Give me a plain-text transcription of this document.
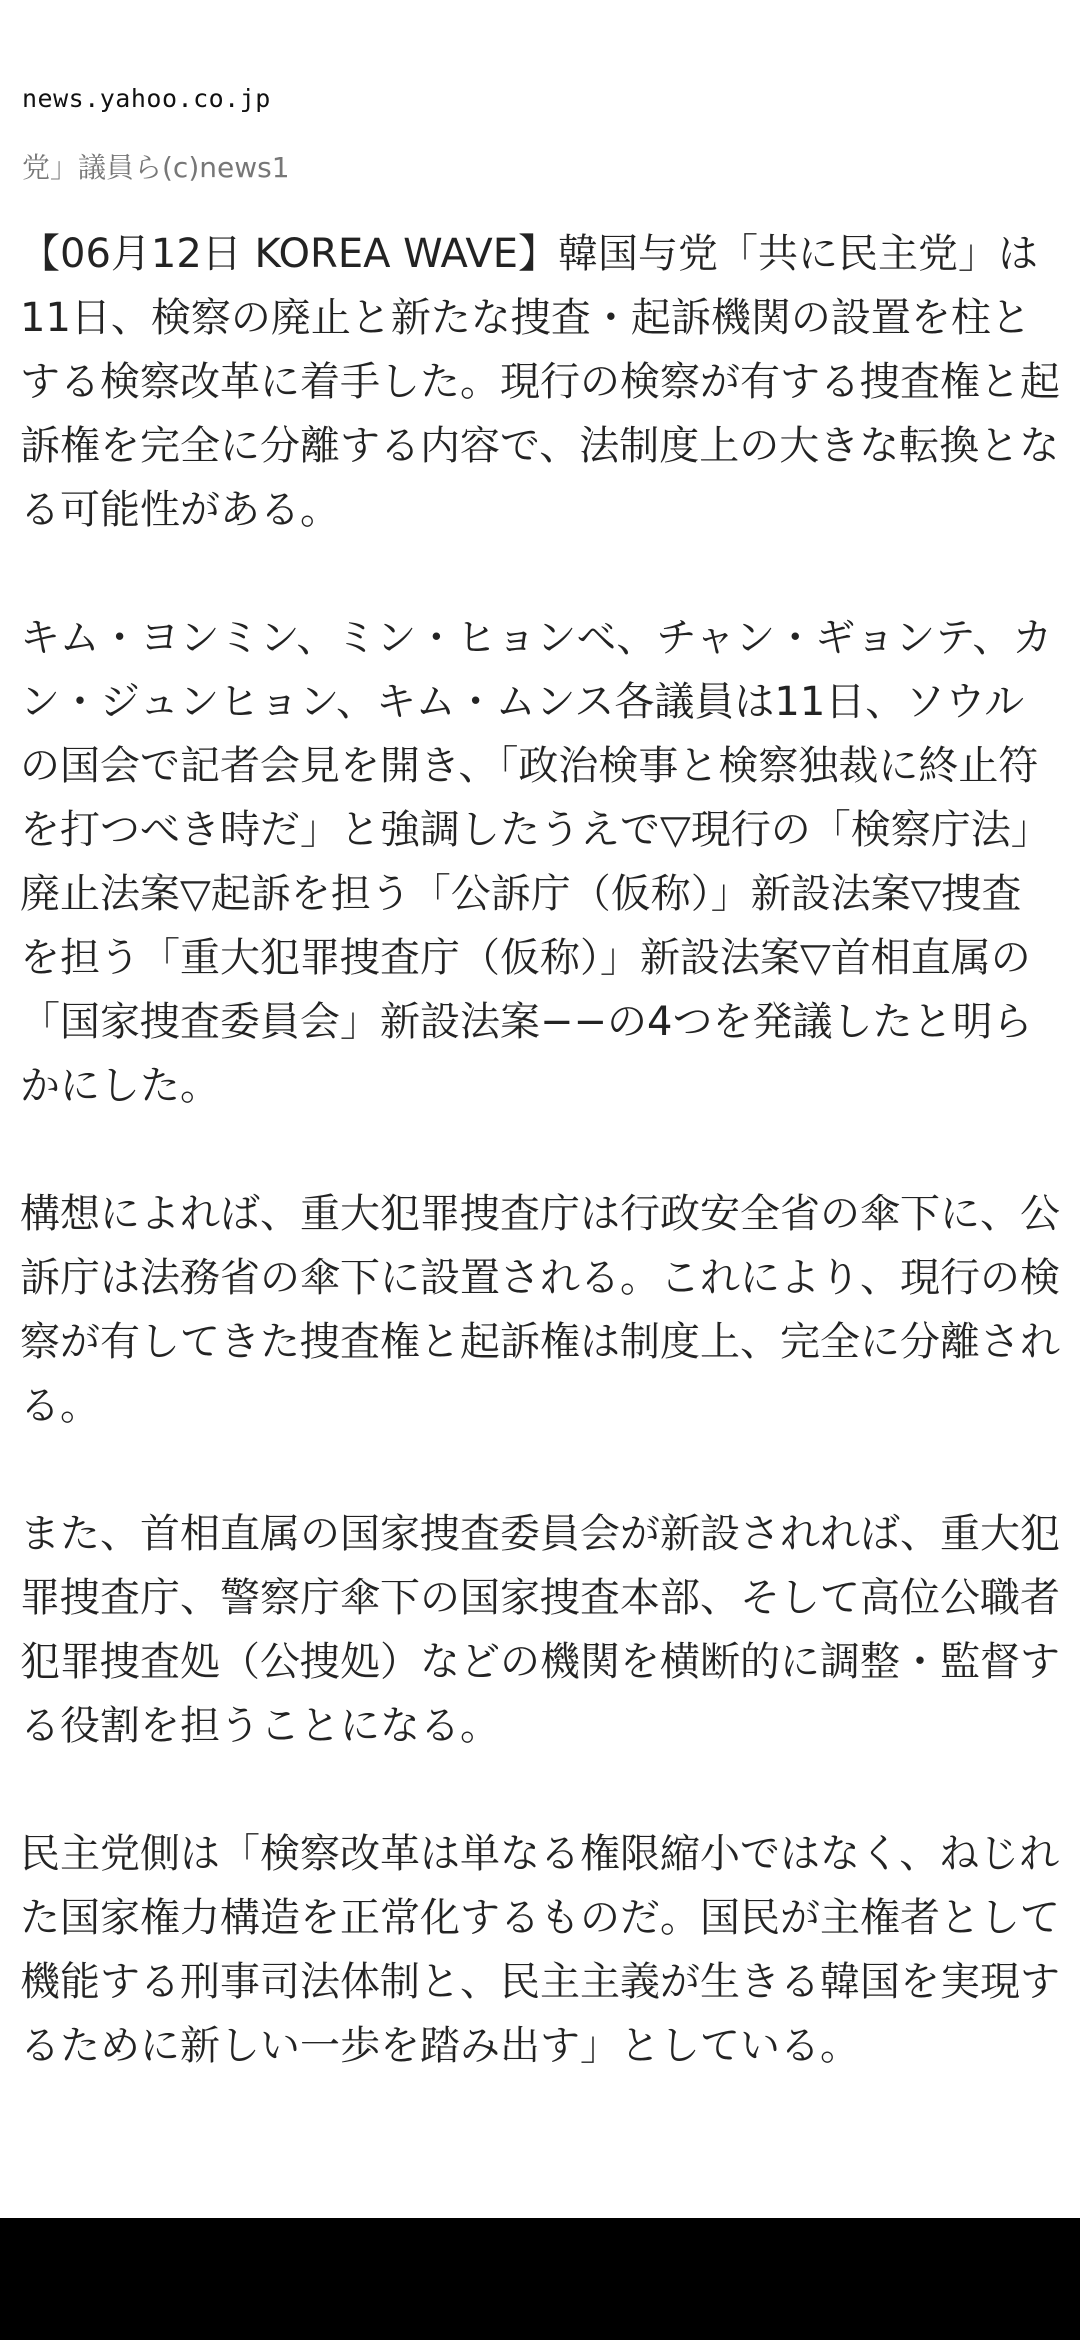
news.yahoo.co.jp
党」議員ら(c)news1

【06月12日 KOREA WAVE】韓国与党「共に民主党」は11日、検察の廃止と新たな捜査・起訴機関の設置を柱とする検察改革に着手した。現行の検察が有する捜査権と起訴権を完全に分離する内容で、法制度上の大きな転換となる可能性がある。

キム・ヨンミン、ミン・ヒョンベ、チャン・ギョンテ、カン・ジュンヒョン、キム・ムンス各議員は11日、ソウルの国会で記者会見を開き、「政治検事と検察独裁に終止符を打つべき時だ」と強調したうえで▽現行の「検察庁法」廃止法案▽起訴を担う「公訴庁（仮称）」新設法案▽捜査を担う「重大犯罪捜査庁（仮称）」新設法案▽首相直属の「国家捜査委員会」新設法案−−の4つを発議したと明らかにした。

構想によれば、重大犯罪捜査庁は行政安全省の傘下に、公訴庁は法務省の傘下に設置される。これにより、現行の検察が有してきた捜査権と起訴権は制度上、完全に分離される。

また、首相直属の国家捜査委員会が新設されれば、重大犯罪捜査庁、警察庁傘下の国家捜査本部、そして高位公職者犯罪捜査処（公捜処）などの機関を横断的に調整・監督する役割を担うことになる。

民主党側は「検察改革は単なる権限縮小ではなく、ねじれた国家権力構造を正常化するものだ。国民が主権者として機能する刑事司法体制と、民主主義が生きる韓国を実現するために新しい一歩を踏み出す」としている。
